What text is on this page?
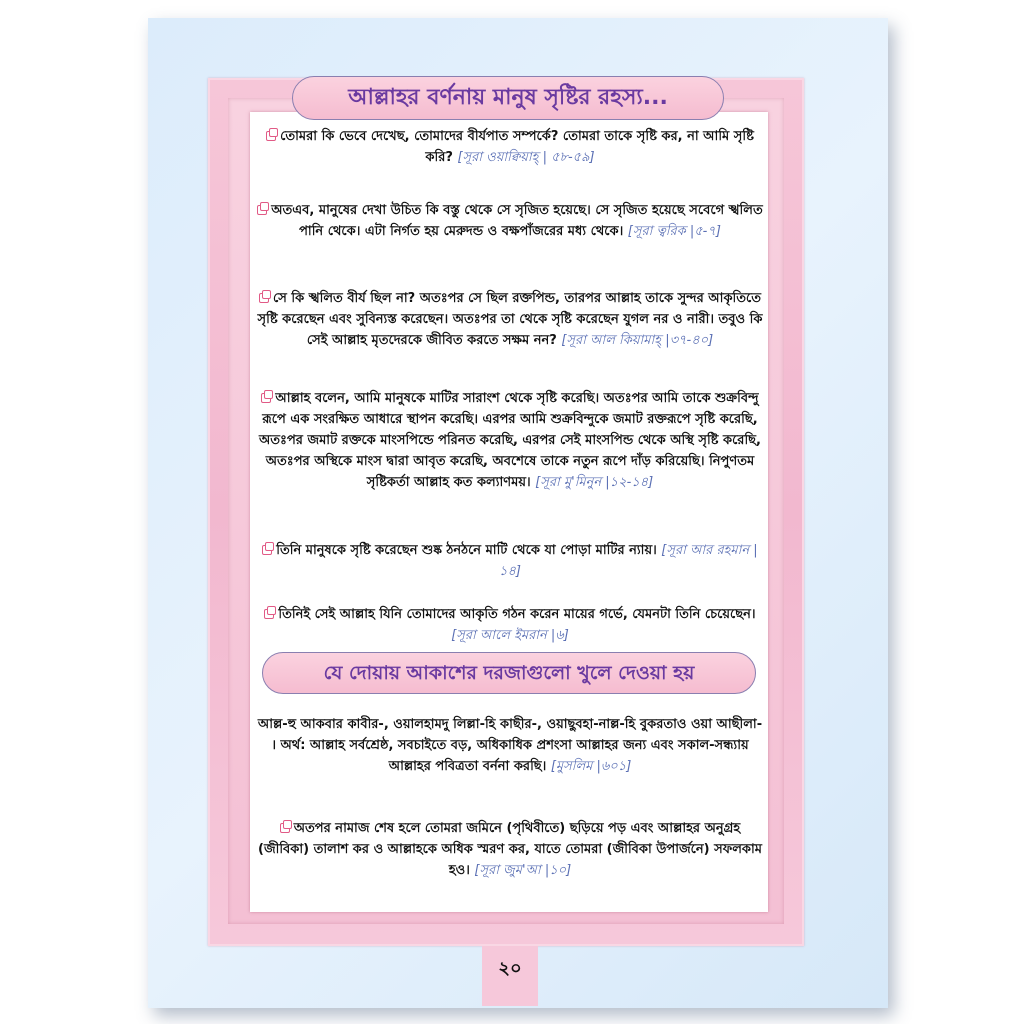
আল্লাহর বর্ণনায় মানুষ সৃষ্টির রহস্য...
তোমরা কি ভেবে দেখেছ, তোমাদের বীর্যপাত সম্পর্কে? তোমরা তাকে সৃষ্টি কর, না আমি সৃষ্টি করি? [সূরা ওয়াক্বিয়াহ্ | ৫৮-৫৯]
অতএব, মানুষের দেখা উচিত কি বস্তু থেকে সে সৃজিত হয়েছে। সে সৃজিত হয়েছে সবেগে স্খলিত পানি থেকে। এটা নির্গত হয় মেরুদন্ড ও বক্ষপাঁজরের মধ্য থেকে। [সূরা ত্বরিক |৫-৭]
সে কি স্খলিত বীর্য ছিল না? অতঃপর সে ছিল রক্তপিন্ড, তারপর আল্লাহ তাকে সুন্দর আকৃতিতে সৃষ্টি করেছেন এবং সুবিন্যস্ত করেছেন। অতঃপর তা থেকে সৃষ্টি করেছেন যুগল নর ও নারী। তবুও কি সেই আল্লাহ মৃতদেরকে জীবিত করতে সক্ষম নন? [সূরা আল কিয়ামাহ্ |৩৭-৪০]
আল্লাহ বলেন, আমি মানুষকে মাটির সারাংশ থেকে সৃষ্টি করেছি। অতঃপর আমি তাকে শুক্রবিন্দু রূপে এক সংরক্ষিত আধারে স্থাপন করেছি। এরপর আমি শুক্রবিন্দুকে জমাট রক্তরূপে সৃষ্টি করেছি, অতঃপর জমাট রক্তকে মাংসপিন্ডে পরিনত করেছি, এরপর সেই মাংসপিন্ড থেকে অস্থি সৃষ্টি করেছি, অতঃপর অস্থিকে মাংস দ্বারা আবৃত করেছি, অবশেষে তাকে নতুন রূপে দাঁড় করিয়েছি। নিপুণতম সৃষ্টিকর্তা আল্লাহ কত কল্যাণময়। [সূরা মু'মিনুন |১২-১৪]
তিনি মানুষকে সৃষ্টি করেছেন শুষ্ক ঠনঠনে মাটি থেকে যা পোড়া মাটির ন্যায়। [সূরা আর রহমান |১৪]
তিনিই সেই আল্লাহ যিনি তোমাদের আকৃতি গঠন করেন মায়ের গর্ভে, যেমনটা তিনি চেয়েছেন। [সূরা আলে ইমরান |৬]
যে দোয়ায় আকাশের দরজাগুলো খুলে দেওয়া হয়
আল্ল-হু আকবার কাবীর-, ওয়ালহামদু লিল্লা-হি কাছীর-, ওয়াছুবহা-নাল্ল-হি বুকরতাও ওয়া আছীলা- । অর্থ: আল্লাহ সর্বশ্রেষ্ঠ, সবচাইতে বড়, অধিকাধিক প্রশংসা আল্লাহর জন্য এবং সকাল-সন্ধ্যায় আল্লাহর পবিত্রতা বর্ননা করছি। [মুসলিম |৬০১]
অতপর নামাজ শেষ হলে তোমরা জমিনে (পৃথিবীতে) ছড়িয়ে পড় এবং আল্লাহর অনুগ্রহ (জীবিকা) তালাশ কর ও আল্লাহকে অধিক স্মরণ কর, যাতে তোমরা (জীবিকা উপার্জনে) সফলকাম হও। [সূরা জুম'আ |১০]
২০
